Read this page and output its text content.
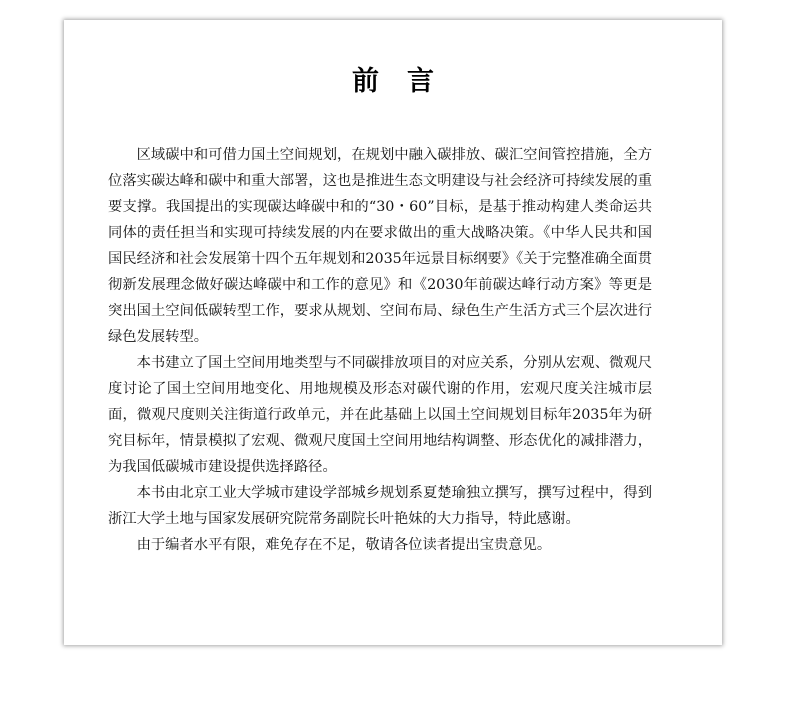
前言

区域碳中和可借力国土空间规划，在规划中融入碳排放、碳汇空间管控措施，全方位落实碳达峰和碳中和重大部署，这也是推进生态文明建设与社会经济可持续发展的重要支撑。我国提出的实现碳达峰碳中和的“30・60”目标，是基于推动构建人类命运共同体的责任担当和实现可持续发展的内在要求做出的重大战略决策。《中华人民共和国国民经济和社会发展第十四个五年规划和2035年远景目标纲要》《关于完整准确全面贯彻新发展理念做好碳达峰碳中和工作的意见》和《2030年前碳达峰行动方案》等更是突出国土空间低碳转型工作，要求从规划、空间布局、绿色生产生活方式三个层次进行绿色发展转型。

本书建立了国土空间用地类型与不同碳排放项目的对应关系，分别从宏观、微观尺度讨论了国土空间用地变化、用地规模及形态对碳代谢的作用，宏观尺度关注城市层面，微观尺度则关注街道行政单元，并在此基础上以国土空间规划目标年2035年为研究目标年，情景模拟了宏观、微观尺度国土空间用地结构调整、形态优化的减排潜力，为我国低碳城市建设提供选择路径。

本书由北京工业大学城市建设学部城乡规划系夏楚瑜独立撰写，撰写过程中，得到浙江大学土地与国家发展研究院常务副院长叶艳妹的大力指导，特此感谢。

由于编者水平有限，难免存在不足，敬请各位读者提出宝贵意见。
